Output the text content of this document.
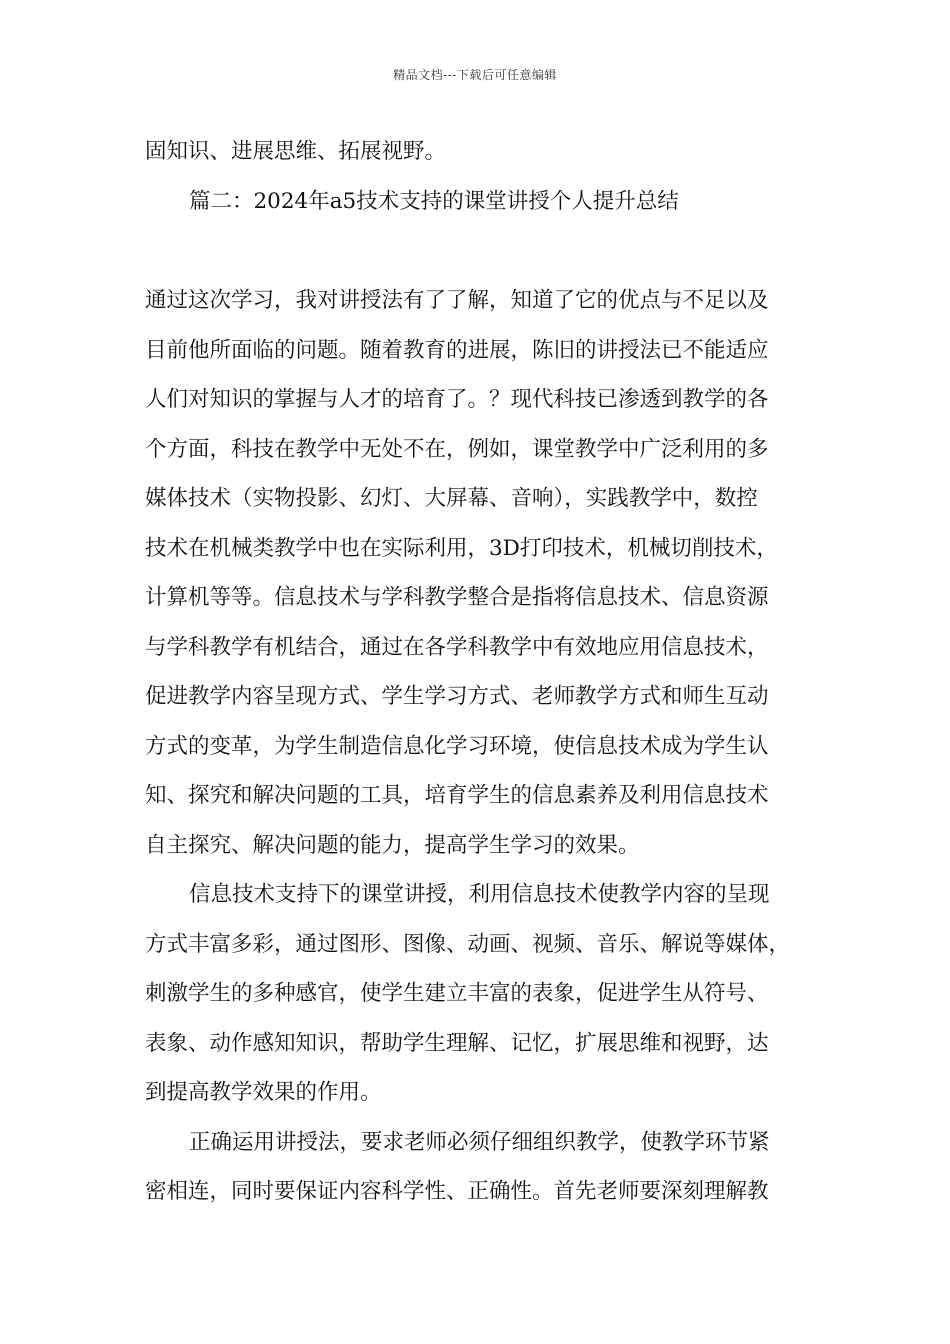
精品文档---下载后可任意编辑
固知识、进展思维、拓展视野。
篇二：2024年a5技术支持的课堂讲授个人提升总结
通过这次学习，我对讲授法有了了解，知道了它的优点与不足以及
目前他所面临的问题。随着教育的进展，陈旧的讲授法已不能适应
人们对知识的掌握与人才的培育了。？现代科技已渗透到教学的各
个方面，科技在教学中无处不在，例如，课堂教学中广泛利用的多
媒体技术（实物投影、幻灯、大屏幕、音响），实践教学中，数控
技术在机械类教学中也在实际利用，3D打印技术，机械切削技术，
计算机等等。信息技术与学科教学整合是指将信息技术、信息资源
与学科教学有机结合，通过在各学科教学中有效地应用信息技术，
促进教学内容呈现方式、学生学习方式、老师教学方式和师生互动
方式的变革，为学生制造信息化学习环境，使信息技术成为学生认
知、探究和解决问题的工具，培育学生的信息素养及利用信息技术
自主探究、解决问题的能力，提高学生学习的效果。
信息技术支持下的课堂讲授，利用信息技术使教学内容的呈现
方式丰富多彩，通过图形、图像、动画、视频、音乐、解说等媒体，
刺激学生的多种感官，使学生建立丰富的表象，促进学生从符号、
表象、动作感知知识，帮助学生理解、记忆，扩展思维和视野，达
到提高教学效果的作用。
正确运用讲授法，要求老师必须仔细组织教学，使教学环节紧
密相连，同时要保证内容科学性、正确性。首先老师要深刻理解教
